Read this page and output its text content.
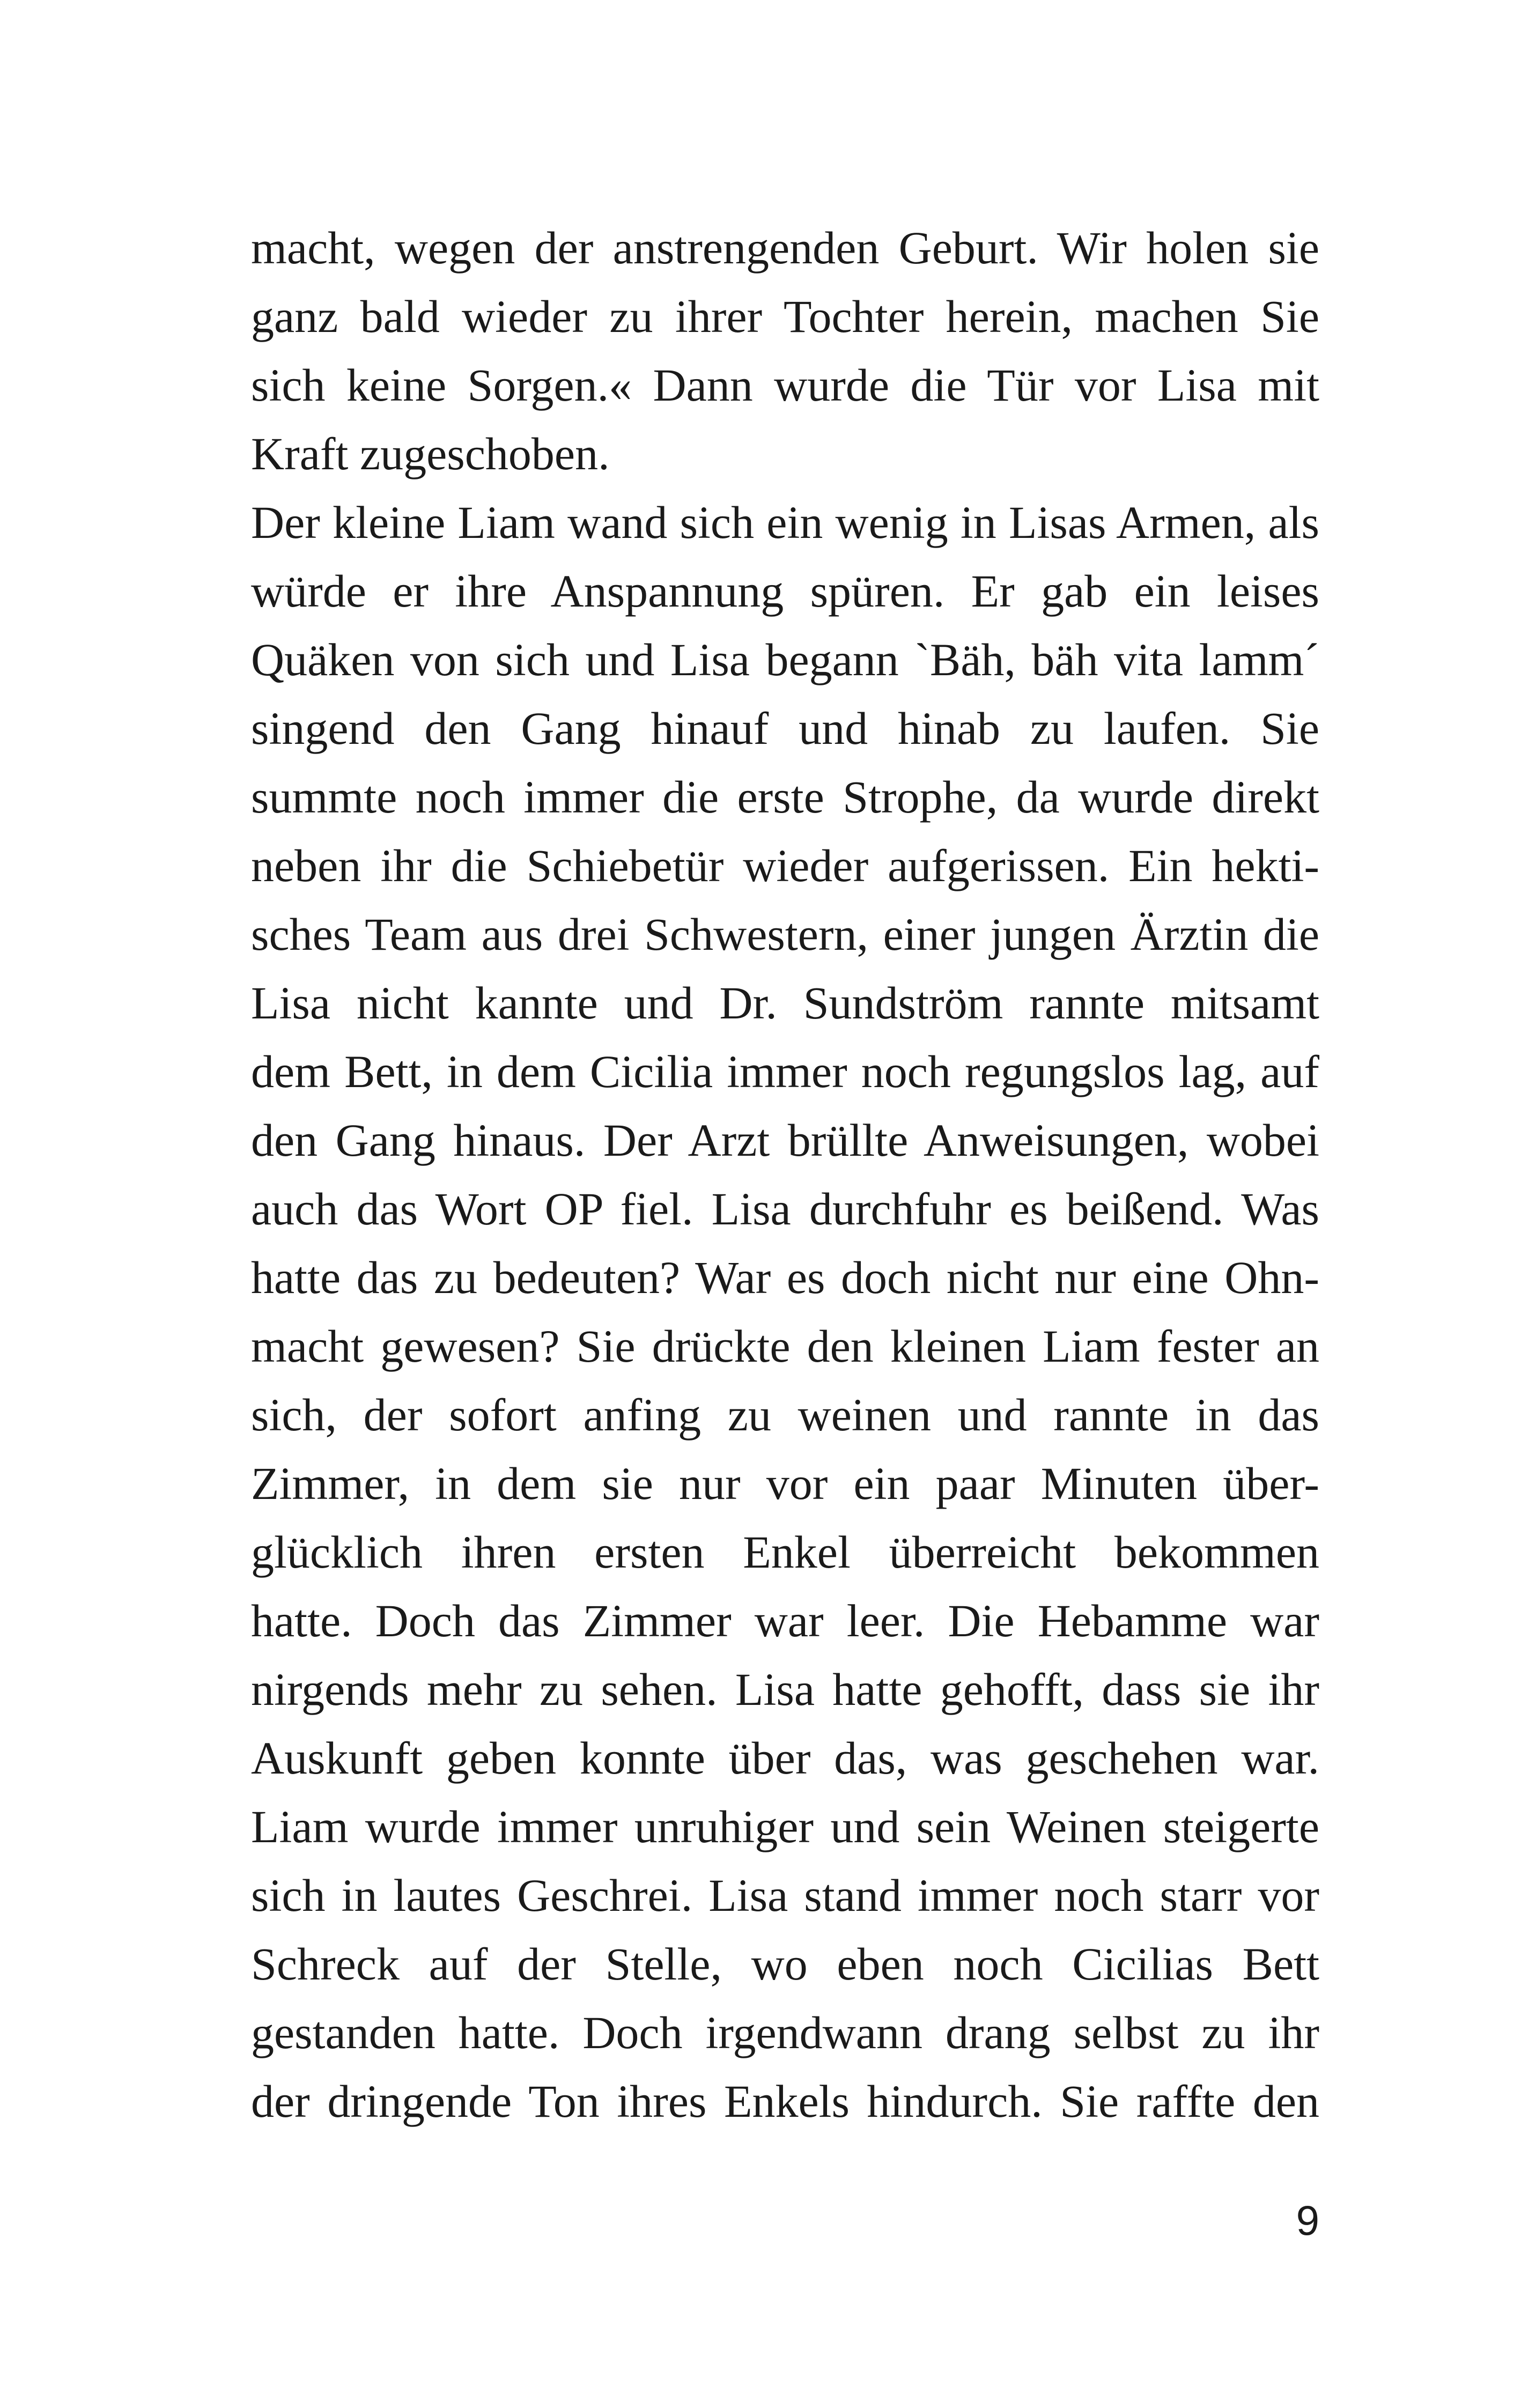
macht, wegen der anstrengenden Geburt. Wir holen sie
ganz bald wieder zu ihrer Tochter herein, machen Sie
sich keine Sorgen.« Dann wurde die Tür vor Lisa mit
Kraft zugeschoben.
Der kleine Liam wand sich ein wenig in Lisas Armen, als
würde er ihre Anspannung spüren. Er gab ein leises
Quäken von sich und Lisa begann `Bäh, bäh vita lamm´
singend den Gang hinauf und hinab zu laufen. Sie
summte noch immer die erste Strophe, da wurde direkt
neben ihr die Schiebetür wieder aufgerissen. Ein hekti-
sches Team aus drei Schwestern, einer jungen Ärztin die
Lisa nicht kannte und Dr. Sundström rannte mitsamt
dem Bett, in dem Cicilia immer noch regungslos lag, auf
den Gang hinaus. Der Arzt brüllte Anweisungen, wobei
auch das Wort OP fiel. Lisa durchfuhr es beißend. Was
hatte das zu bedeuten? War es doch nicht nur eine Ohn-
macht gewesen? Sie drückte den kleinen Liam fester an
sich, der sofort anfing zu weinen und rannte in das
Zimmer, in dem sie nur vor ein paar Minuten über-
glücklich ihren ersten Enkel überreicht bekommen
hatte. Doch das Zimmer war leer. Die Hebamme war
nirgends mehr zu sehen. Lisa hatte gehofft, dass sie ihr
Auskunft geben konnte über das, was geschehen war.
Liam wurde immer unruhiger und sein Weinen steigerte
sich in lautes Geschrei. Lisa stand immer noch starr vor
Schreck auf der Stelle, wo eben noch Cicilias Bett
gestanden hatte. Doch irgendwann drang selbst zu ihr
der dringende Ton ihres Enkels hindurch. Sie raffte den
9
